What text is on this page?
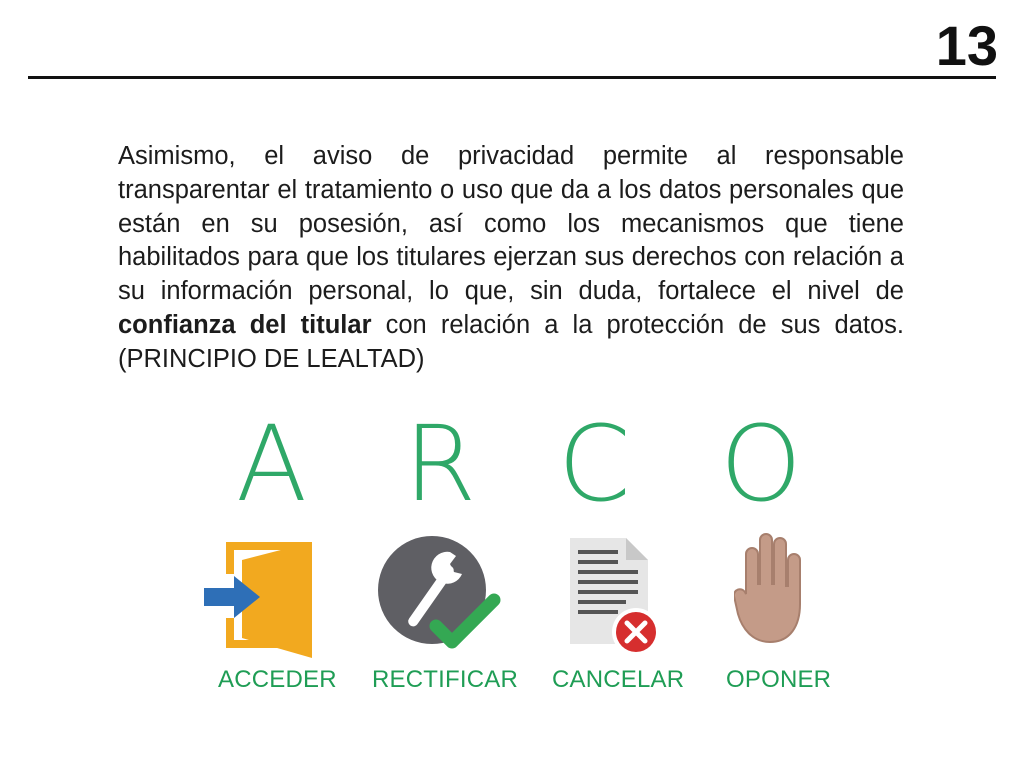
13
Asimismo, el aviso de privacidad permite al responsable transparentar el tratamiento o uso que da a los datos personales que están en su posesión, así como los mecanismos que tiene habilitados para que los titulares ejerzan sus derechos con relación a su información personal, lo que, sin duda, fortalece el nivel de confianza del titular con relación a la protección de sus datos. (PRINCIPIO DE LEALTAD)
A R C O
ACCEDER RECTIFICAR CANCELAR OPONER
